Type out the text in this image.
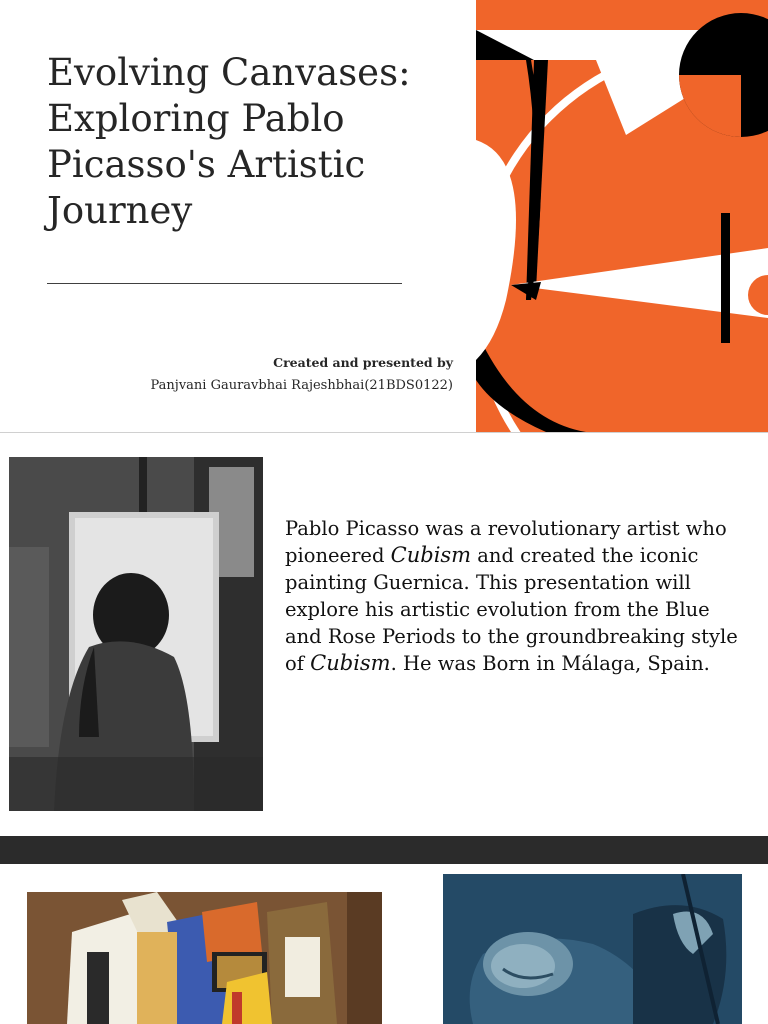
Evolving Canvases: Exploring Pablo Picasso's Artistic Journey
Created and presented by
Panjvani Gauravbhai Rajeshbhai(21BDS0122)

Pablo Picasso was a revolutionary artist who pioneered Cubism and created the iconic painting Guernica. This presentation will explore his artistic evolution from the Blue and Rose Periods to the groundbreaking style of Cubism. He was Born in Málaga, Spain.
